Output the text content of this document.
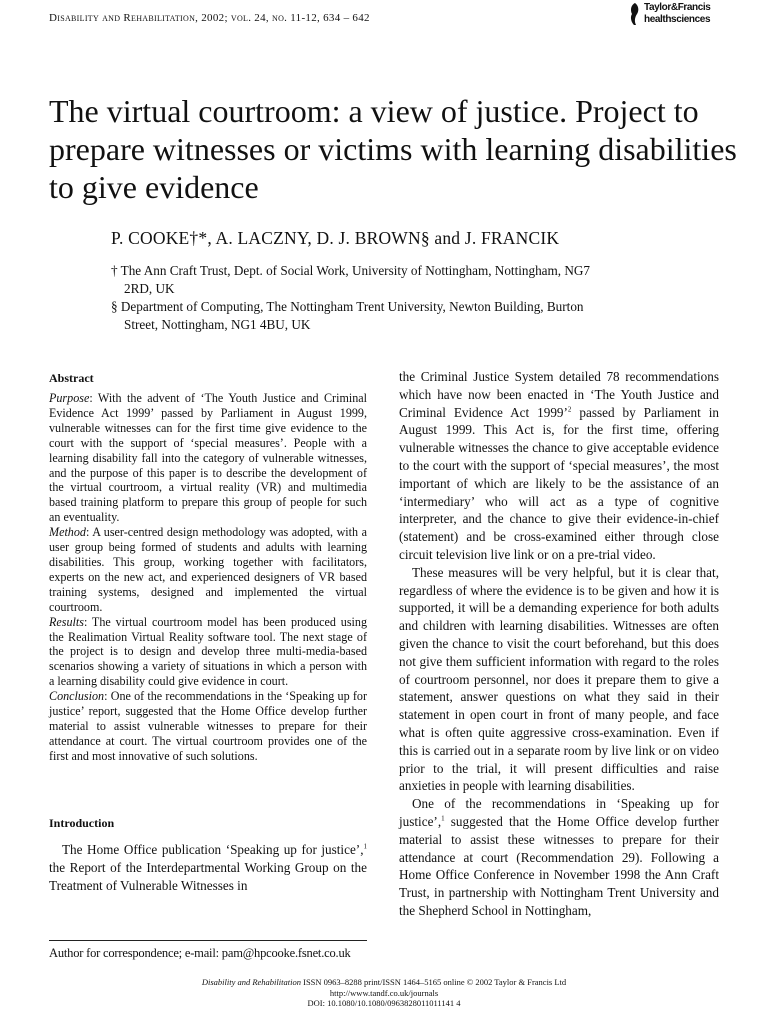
Disability and Rehabilitation, 2002; vol. 24, no. 11-12, 634 – 642
Taylor&Francis
healthsciences
The virtual courtroom: a view of justice. Project to prepare witnesses or victims with learning disabilities to give evidence
P. COOKE†*, A. LACZNY, D. J. BROWN§ and J. FRANCIK
† The Ann Craft Trust, Dept. of Social Work, University of Nottingham, Nottingham, NG7
2RD, UK
§ Department of Computing, The Nottingham Trent University, Newton Building, Burton
Street, Nottingham, NG1 4BU, UK
Abstract

Purpose: With the advent of ‘The Youth Justice and Criminal Evidence Act 1999’ passed by Parliament in August 1999, vulnerable witnesses can for the first time give evidence to the court with the support of ‘special measures’. People with a learning disability fall into the category of vulnerable witnesses, and the purpose of this paper is to describe the development of the virtual courtroom, a virtual reality (VR) and multimedia based training platform to prepare this group of people for such an eventuality.

Method: A user-centred design methodology was adopted, with a user group being formed of students and adults with learning disabilities. This group, working together with facilitators, experts on the new act, and experienced designers of VR based training systems, designed and implemented the virtual courtroom.

Results: The virtual courtroom model has been produced using the Realimation Virtual Reality software tool. The next stage of the project is to design and develop three multi-media-based scenarios showing a variety of situations in which a person with a learning disability could give evidence in court.

Conclusion: One of the recommendations in the ‘Speaking up for justice’ report, suggested that the Home Office develop further material to assist vulnerable witnesses to prepare for their attendance at court. The virtual courtroom provides one of the first and most innovative of such solutions.

Introduction

The Home Office publication ‘Speaking up for justice’,$^1$ the Report of the Interdepartmental Working Group on the Treatment of Vulnerable Witnesses in

Author for correspondence; e-mail: pam@hpcooke.fsnet.co.uk

the Criminal Justice System detailed 78 recommendations which have now been enacted in ‘The Youth Justice and Criminal Evidence Act 1999’$^2$ passed by Parliament in August 1999. This Act is, for the first time, offering vulnerable witnesses the chance to give acceptable evidence to the court with the support of ‘special measures’, the most important of which are likely to be the assistance of an ‘intermediary’ who will act as a type of cognitive interpreter, and the chance to give their evidence-in-chief (statement) and be cross-examined either through close circuit television live link or on a pre-trial video.

These measures will be very helpful, but it is clear that, regardless of where the evidence is to be given and how it is supported, it will be a demanding experience for both adults and children with learning disabilities. Witnesses are often given the chance to visit the court beforehand, but this does not give them sufficient information with regard to the roles of courtroom personnel, nor does it prepare them to give a statement, answer questions on what they said in their statement in open court in front of many people, and face what is often quite aggressive cross-examination. Even if this is carried out in a separate room by live link or on video prior to the trial, it will present difficulties and raise anxieties in people with learning disabilities.

One of the recommendations in ‘Speaking up for justice’,$^1$ suggested that the Home Office develop further material to assist these witnesses to prepare for their attendance at court (Recommendation 29). Following a Home Office Conference in November 1998 the Ann Craft Trust, in partnership with Nottingham Trent University and the Shepherd School in Nottingham,

Disability and Rehabilitation ISSN 0963–8288 print/ISSN 1464–5165 online © 2002 Taylor & Francis Ltd
http://www.tandf.co.uk/journals
DOI: 10.1080/10.1080/0963828011011141 4
